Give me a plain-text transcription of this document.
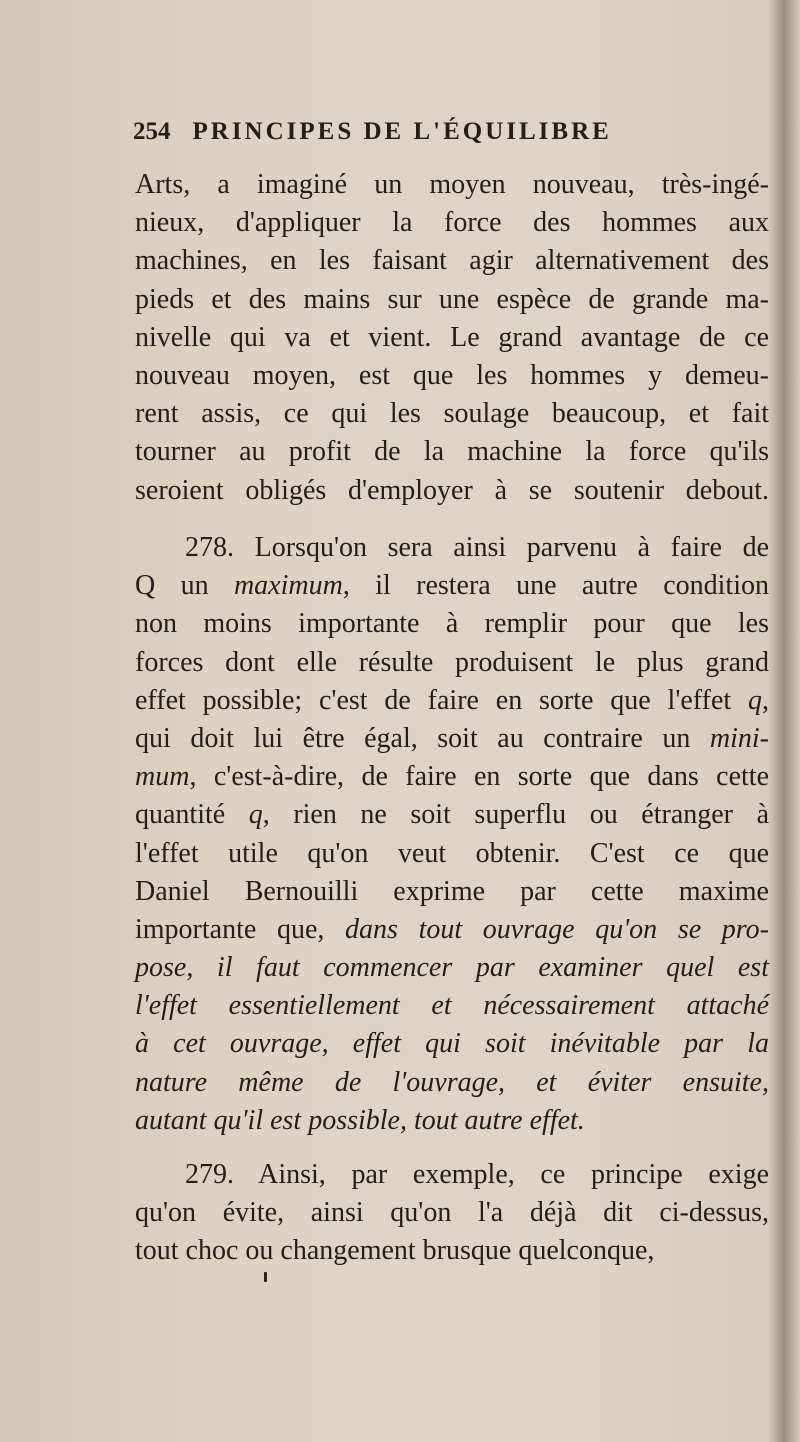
254 PRINCIPES DE L'ÉQUILIBRE
Arts, a imaginé un moyen nouveau, très-ingé-
nieux, d'appliquer la force des hommes aux
machines, en les faisant agir alternativement des
pieds et des mains sur une espèce de grande ma-
nivelle qui va et vient. Le grand avantage de ce
nouveau moyen, est que les hommes y demeu-
rent assis, ce qui les soulage beaucoup, et fait
tourner au profit de la machine la force qu'ils
seroient obligés d'employer à se soutenir debout.
278. Lorsqu'on sera ainsi parvenu à faire de
Q un maximum, il restera une autre condition
non moins importante à remplir pour que les
forces dont elle résulte produisent le plus grand
effet possible; c'est de faire en sorte que l'effet q,
qui doit lui être égal, soit au contraire un mini-
mum, c'est-à-dire, de faire en sorte que dans cette
quantité q, rien ne soit superflu ou étranger à
l'effet utile qu'on veut obtenir. C'est ce que
Daniel Bernouilli exprime par cette maxime
importante que, dans tout ouvrage qu'on se pro-
pose, il faut commencer par examiner quel est
l'effet essentiellement et nécessairement attaché
à cet ouvrage, effet qui soit inévitable par la
nature même de l'ouvrage, et éviter ensuite,
autant qu'il est possible, tout autre effet.
279. Ainsi, par exemple, ce principe exige
qu'on évite, ainsi qu'on l'a déjà dit ci-dessus,
tout choc ou changement brusque quelconque,
